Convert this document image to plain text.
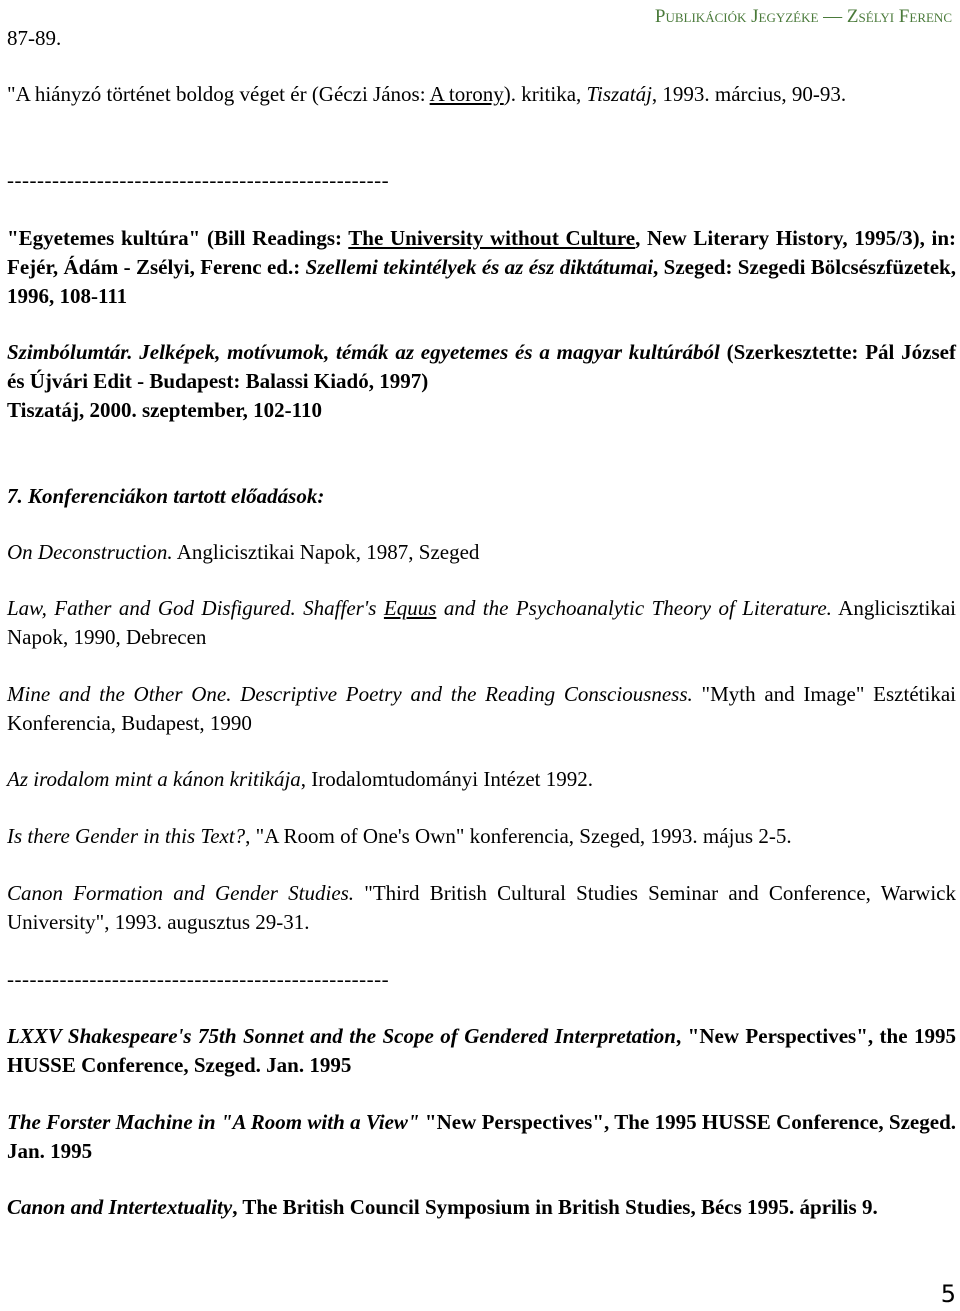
Publikációk Jegyzéke — Zsélyi Ferenc
87-89.

"A hiányzó történet boldog véget ér (Géczi János: A torony). kritika, Tiszatáj, 1993. március, 90-93.

---------------------------------------------------

"Egyetemes kultúra" (Bill Readings: The University without Culture, New Literary History, 1995/3), in: Fejér, Ádám - Zsélyi, Ferenc ed.: Szellemi tekintélyek és az ész diktátumai, Szeged: Szegedi Bölcsészfüzetek, 1996, 108-111

Szimbólumtár. Jelképek, motívumok, témák az egyetemes és a magyar kultúrából (Szerkesztette: Pál József és Újvári Edit - Budapest: Balassi Kiadó, 1997)

Tiszatáj, 2000. szeptember, 102-110
7. Konferenciákon tartott előadások:

On Deconstruction. Anglicisztikai Napok, 1987, Szeged

Law, Father and God Disfigured. Shaffer's Equus and the Psychoanalytic Theory of Literature. Anglicisztikai Napok, 1990, Debrecen

Mine and the Other One. Descriptive Poetry and the Reading Consciousness. "Myth and Image" Esztétikai Konferencia, Budapest, 1990

Az irodalom mint a kánon kritikája, Irodalomtudományi Intézet 1992.

Is there Gender in this Text?, "A Room of One's Own" konferencia, Szeged, 1993. május 2-5.

Canon Formation and Gender Studies. "Third British Cultural Studies Seminar and Conference, Warwick University", 1993. augusztus 29-31.

---------------------------------------------------

LXXV Shakespeare's 75th Sonnet and the Scope of Gendered Interpretation, "New Perspectives", the 1995 HUSSE Conference, Szeged. Jan. 1995

The Forster Machine in "A Room with a View" "New Perspectives", The 1995 HUSSE Conference, Szeged. Jan. 1995

Canon and Intertextuality, The British Council Symposium in British Studies, Bécs 1995. április 9.

5
